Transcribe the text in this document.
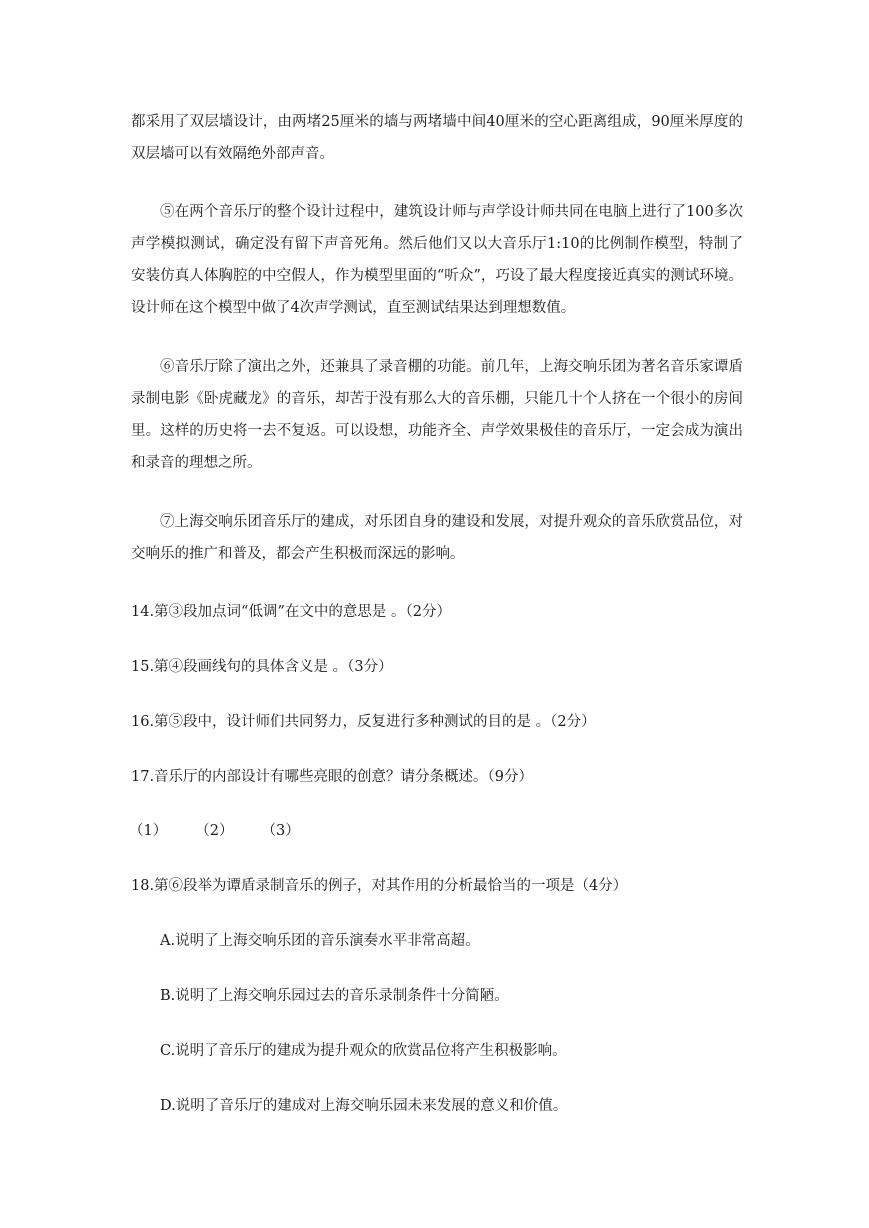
都采用了双层墙设计，由两堵25厘米的墙与两堵墙中间40厘米的空心距离组成，90厘米厚度的双层墙可以有效隔绝外部声音。

⑤在两个音乐厅的整个设计过程中，建筑设计师与声学设计师共同在电脑上进行了100多次声学模拟测试，确定没有留下声音死角。然后他们又以大音乐厅1:10的比例制作模型，特制了安装仿真人体胸腔的中空假人，作为模型里面的“听众”，巧设了最大程度接近真实的测试环境。设计师在这个模型中做了4次声学测试，直至测试结果达到理想数值。

⑥音乐厅除了演出之外，还兼具了录音棚的功能。前几年，上海交响乐团为著名音乐家谭盾录制电影《卧虎藏龙》的音乐，却苦于没有那么大的音乐棚，只能几十个人挤在一个很小的房间里。这样的历史将一去不复返。可以设想，功能齐全、声学效果极佳的音乐厅，一定会成为演出和录音的理想之所。

⑦上海交响乐团音乐厅的建成，对乐团自身的建设和发展，对提升观众的音乐欣赏品位，对交响乐的推广和普及，都会产生积极而深远的影响。

14.第③段加点词“低调”在文中的意思是 。（2分）

15.第④段画线句的具体含义是 。（3分）

16.第⑤段中，设计师们共同努力，反复进行多种测试的目的是 。（2分）

17.音乐厅的内部设计有哪些亮眼的创意？请分条概述。（9分）

（1） （2） （3）

18.第⑥段举为谭盾录制音乐的例子，对其作用的分析最恰当的一项是（4分）

A.说明了上海交响乐团的音乐演奏水平非常高超。

B.说明了上海交响乐园过去的音乐录制条件十分简陋。

C.说明了音乐厅的建成为提升观众的欣赏品位将产生积极影响。

D.说明了音乐厅的建成对上海交响乐园未来发展的意义和价值。
